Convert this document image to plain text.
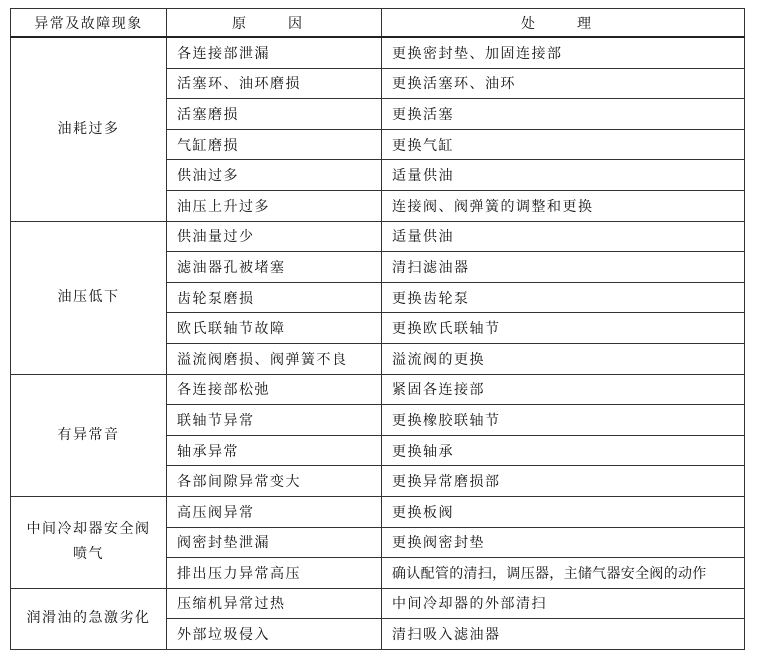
异常及故障现象	原　因	处　理
油耗过多	各连接部泄漏	更换密封垫、加固连接部
	活塞环、油环磨损	更换活塞环、油环
	活塞磨损	更换活塞
	气缸磨损	更换气缸
	供油过多	适量供油
	油压上升过多	连接阀、阀弹簧的调整和更换
油压低下	供油量过少	适量供油
	滤油器孔被堵塞	清扫滤油器
	齿轮泵磨损	更换齿轮泵
	欧氏联轴节故障	更换欧氏联轴节
	溢流阀磨损、阀弹簧不良	溢流阀的更换
有异常音	各连接部松弛	紧固各连接部
	联轴节异常	更换橡胶联轴节
	轴承异常	更换轴承
	各部间隙异常变大	更换异常磨损部
中间冷却器安全阀喷气	高压阀异常	更换板阀
	阀密封垫泄漏	更换阀密封垫
	排出压力异常高压	确认配管的清扫，调压器，主储气器安全阀的动作
润滑油的急激劣化	压缩机异常过热	中间冷却器的外部清扫
	外部垃圾侵入	清扫吸入滤油器
